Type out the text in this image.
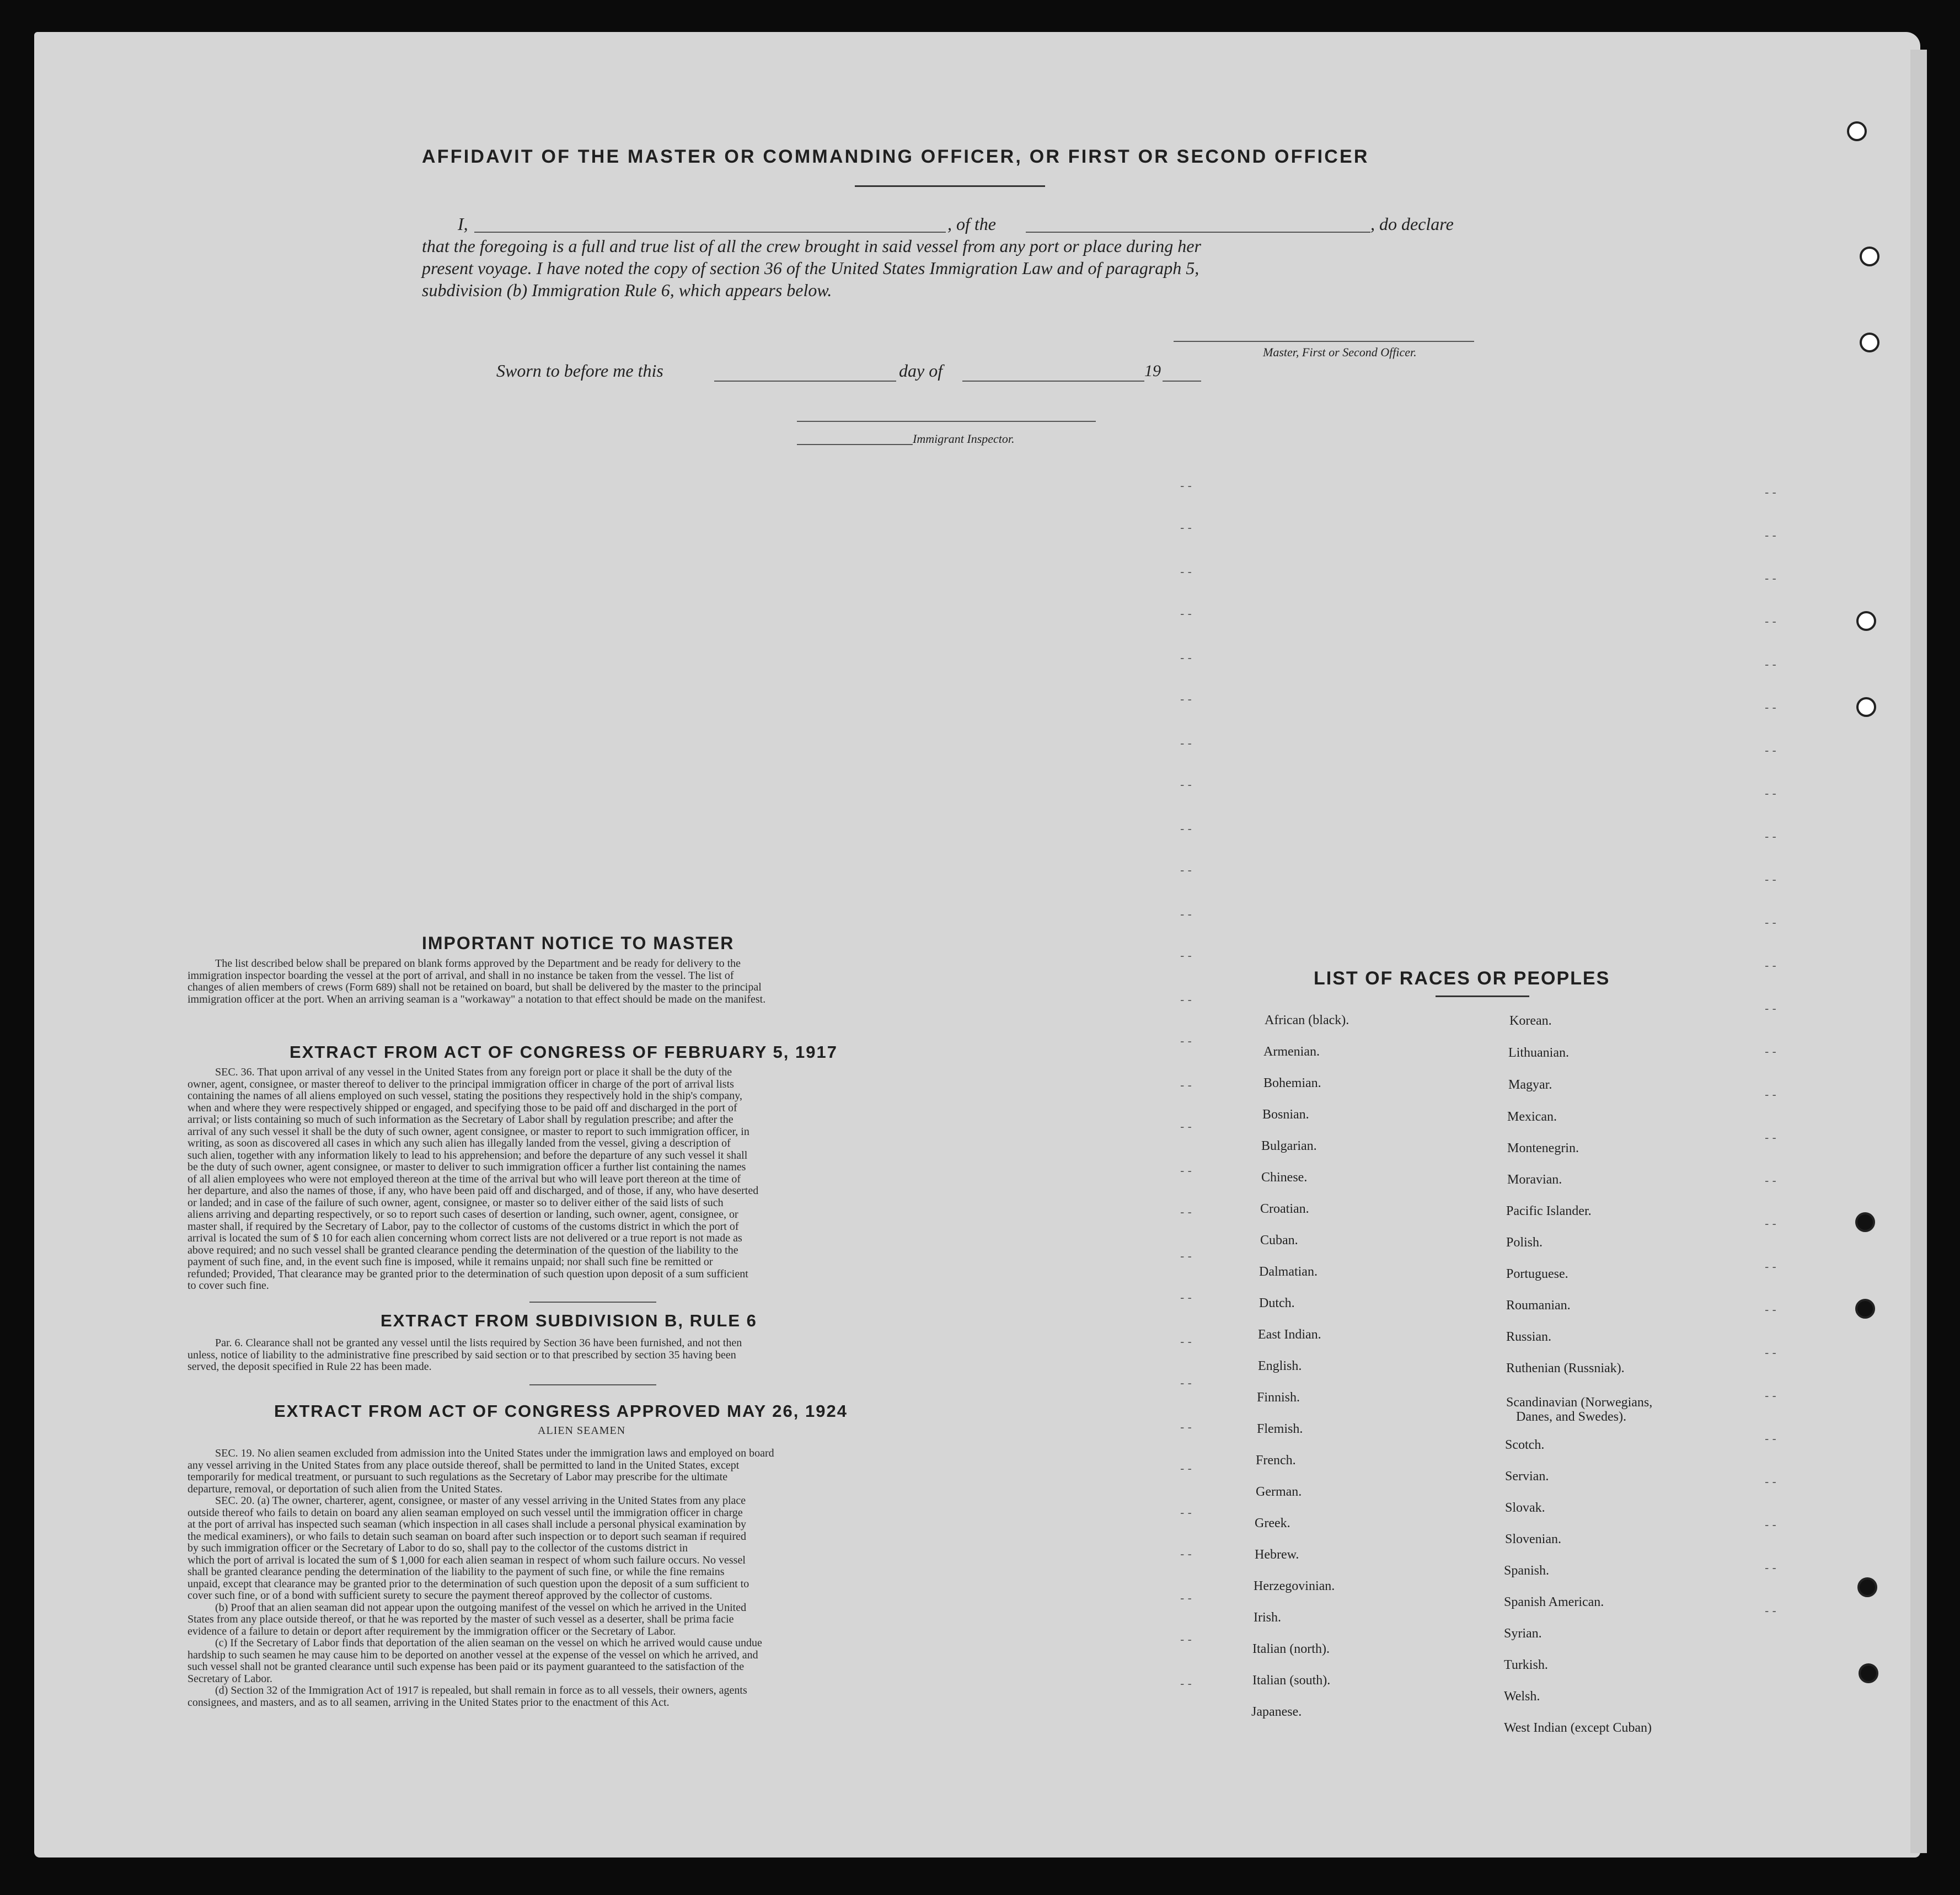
AFFIDAVIT OF THE MASTER OR COMMANDING OFFICER, OR FIRST OR SECOND OFFICER
I,	, of the	, do declare
that the foregoing is a full and true list of all the crew brought in said vessel from any port or place during her
present voyage. I have noted the copy of section 36 of the United States Immigration Law and of paragraph 5,
subdivision (b) Immigration Rule 6, which appears below.
Master, First or Second Officer.
Sworn to before me this	day of	19
Immigrant Inspector.
- -
- -
- -
- -
- -
- -
- -
- -
- -
- -
- -
- -
- -
- -
- -
- -
- -
- -
- -
- -
- -
- -
- -
- -
- -
- -
- -
- -
- -
- -
- -
- -
- -
- -
- -
- -
- -
- -
- -
- -
- -
- -
- -
- -
- -
- -
- -
- -
- -
- -
- -
- -
- -
- -
- -
- -
IMPORTANT NOTICE TO MASTER
The list described below shall be prepared on blank forms approved by the Department and be ready for delivery to the
immigration inspector boarding the vessel at the port of arrival, and shall in no instance be taken from the vessel. The list of
changes of alien members of crews (Form 689) shall not be retained on board, but shall be delivered by the master to the principal
immigration officer at the port. When an arriving seaman is a "workaway" a notation to that effect should be made on the manifest.
EXTRACT FROM ACT OF CONGRESS OF FEBRUARY 5, 1917
SEC. 36. That upon arrival of any vessel in the United States from any foreign port or place it shall be the duty of the
owner, agent, consignee, or master thereof to deliver to the principal immigration officer in charge of the port of arrival lists
containing the names of all aliens employed on such vessel, stating the positions they respectively hold in the ship's company,
when and where they were respectively shipped or engaged, and specifying those to be paid off and discharged in the port of
arrival; or lists containing so much of such information as the Secretary of Labor shall by regulation prescribe; and after the
arrival of any such vessel it shall be the duty of such owner, agent consignee, or master to report to such immigration officer, in
writing, as soon as discovered all cases in which any such alien has illegally landed from the vessel, giving a description of
such alien, together with any information likely to lead to his apprehension; and before the departure of any such vessel it shall
be the duty of such owner, agent consignee, or master to deliver to such immigration officer a further list containing the names
of all alien employees who were not employed thereon at the time of the arrival but who will leave port thereon at the time of
her departure, and also the names of those, if any, who have been paid off and discharged, and of those, if any, who have deserted
or landed; and in case of the failure of such owner, agent, consignee, or master so to deliver either of the said lists of such
aliens arriving and departing respectively, or so to report such cases of desertion or landing, such owner, agent, consignee, or
master shall, if required by the Secretary of Labor, pay to the collector of customs of the customs district in which the port of
arrival is located the sum of $ 10 for each alien concerning whom correct lists are not delivered or a true report is not made as
above required; and no such vessel shall be granted clearance pending the determination of the question of the liability to the
payment of such fine, and, in the event such fine is imposed, while it remains unpaid; nor shall such fine be remitted or
refunded; Provided, That clearance may be granted prior to the determination of such question upon deposit of a sum sufficient
to cover such fine.
EXTRACT FROM SUBDIVISION B, RULE 6
Par. 6. Clearance shall not be granted any vessel until the lists required by Section 36 have been furnished, and not then
unless, notice of liability to the administrative fine prescribed by said section or to that prescribed by section 35 having been
served, the deposit specified in Rule 22 has been made.
EXTRACT FROM ACT OF CONGRESS APPROVED MAY 26, 1924
ALIEN SEAMEN
SEC. 19. No alien seamen excluded from admission into the United States under the immigration laws and employed on board
any vessel arriving in the United States from any place outside thereof, shall be permitted to land in the United States, except
temporarily for medical treatment, or pursuant to such regulations as the Secretary of Labor may prescribe for the ultimate
departure, removal, or deportation of such alien from the United States.
SEC. 20. (a) The owner, charterer, agent, consignee, or master of any vessel arriving in the United States from any place
outside thereof who fails to detain on board any alien seaman employed on such vessel until the immigration officer in charge
at the port of arrival has inspected such seaman (which inspection in all cases shall include a personal physical examination by
the medical examiners), or who fails to detain such seaman on board after such inspection or to deport such seaman if required
by such immigration officer or the Secretary of Labor to do so, shall pay to the collector of the customs district in
which the port of arrival is located the sum of $ 1,000 for each alien seaman in respect of whom such failure occurs. No vessel
shall be granted clearance pending the determination of the liability to the payment of such fine, or while the fine remains
unpaid, except that clearance may be granted prior to the determination of such question upon the deposit of a sum sufficient to
cover such fine, or of a bond with sufficient surety to secure the payment thereof approved by the collector of customs.
(b) Proof that an alien seaman did not appear upon the outgoing manifest of the vessel on which he arrived in the United
States from any place outside thereof, or that he was reported by the master of such vessel as a deserter, shall be prima facie
evidence of a failure to detain or deport after requirement by the immigration officer or the Secretary of Labor.
(c) If the Secretary of Labor finds that deportation of the alien seaman on the vessel on which he arrived would cause undue
hardship to such seamen he may cause him to be deported on another vessel at the expense of the vessel on which he arrived, and
such vessel shall not be granted clearance until such expense has been paid or its payment guaranteed to the satisfaction of the
Secretary of Labor.
(d) Section 32 of the Immigration Act of 1917 is repealed, but shall remain in force as to all vessels, their owners, agents
consignees, and masters, and as to all seamen, arriving in the United States prior to the enactment of this Act.
LIST OF RACES OR PEOPLES
African (black).
Armenian.
Bohemian.
Bosnian.
Bulgarian.
Chinese.
Croatian.
Cuban.
Dalmatian.
Dutch.
East Indian.
English.
Finnish.
Flemish.
French.
German.
Greek.
Hebrew.
Herzegovinian.
Irish.
Italian (north).
Italian (south).
Japanese.
Korean.
Lithuanian.
Magyar.
Mexican.
Montenegrin.
Moravian.
Pacific Islander.
Polish.
Portuguese.
Roumanian.
Russian.
Ruthenian (Russniak).
Scandinavian (Norwegians,
Danes, and Swedes).
Scotch.
Servian.
Slovak.
Slovenian.
Spanish.
Spanish American.
Syrian.
Turkish.
Welsh.
West Indian (except Cuban)
